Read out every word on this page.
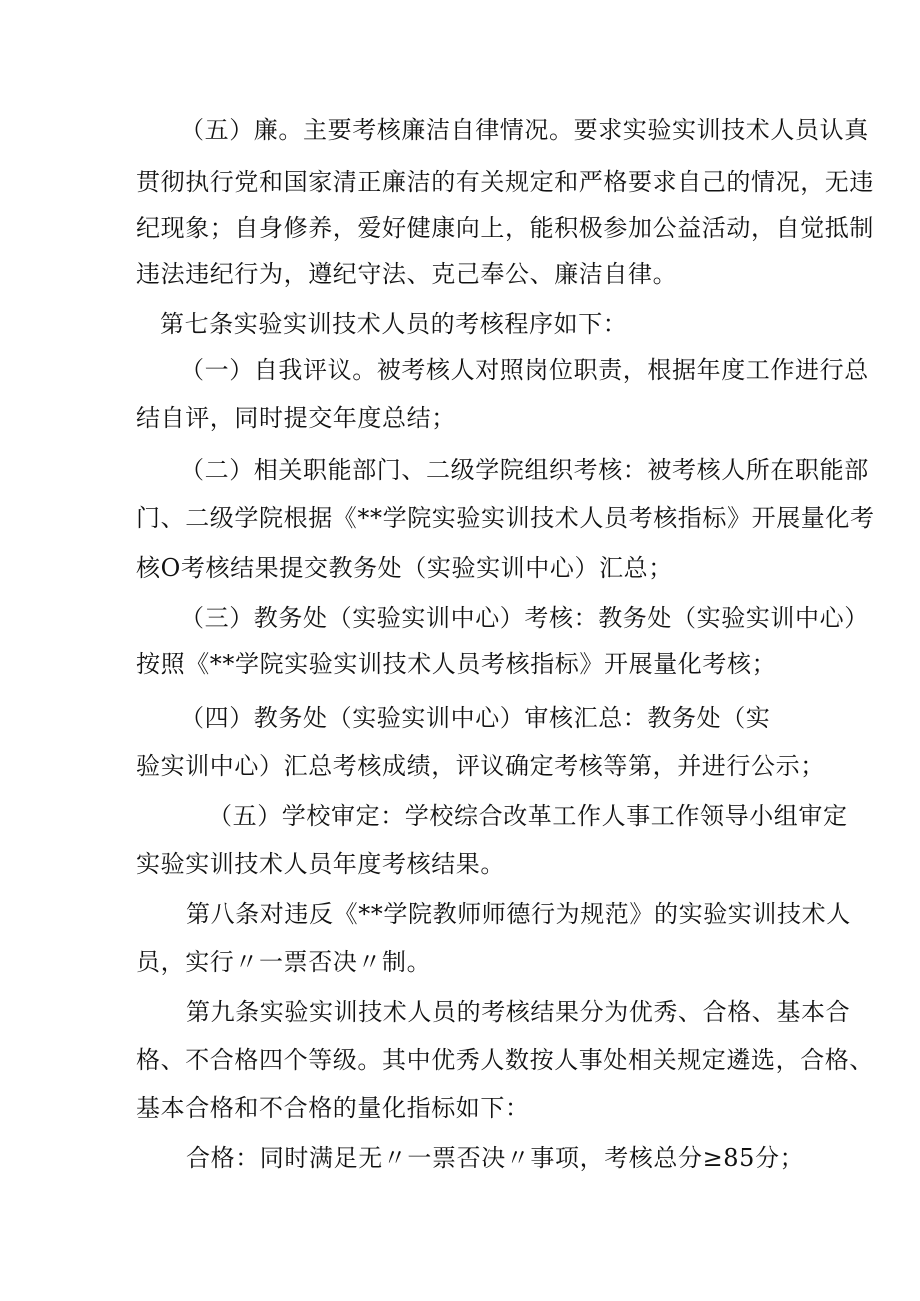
（五）廉。主要考核廉洁自律情况。要求实验实训技术人员认真

贯彻执行党和国家清正廉洁的有关规定和严格要求自己的情况，无违

纪现象；自身修养，爱好健康向上，能积极参加公益活动，自觉抵制

违法违纪行为，遵纪守法、克己奉公、廉洁自律。

第七条实验实训技术人员的考核程序如下：

（一）自我评议。被考核人对照岗位职责，根据年度工作进行总

结自评，同时提交年度总结；

（二）相关职能部门、二级学院组织考核：被考核人所在职能部

门、二级学院根据《**学院实验实训技术人员考核指标》开展量化考

核O考核结果提交教务处（实验实训中心）汇总；

（三）教务处（实验实训中心）考核：教务处（实验实训中心）

按照《**学院实验实训技术人员考核指标》开展量化考核；

（四）教务处（实验实训中心）审核汇总：教务处（实

验实训中心）汇总考核成绩，评议确定考核等第，并进行公示；

（五）学校审定：学校综合改革工作人事工作领导小组审定

实验实训技术人员年度考核结果。

第八条对违反《**学院教师师德行为规范》的实验实训技术人

员，实行〃一票否决〃制。

第九条实验实训技术人员的考核结果分为优秀、合格、基本合

格、不合格四个等级。其中优秀人数按人事处相关规定遴选，合格、

基本合格和不合格的量化指标如下：

合格：同时满足无〃一票否决〃事项，考核总分≥85分；
